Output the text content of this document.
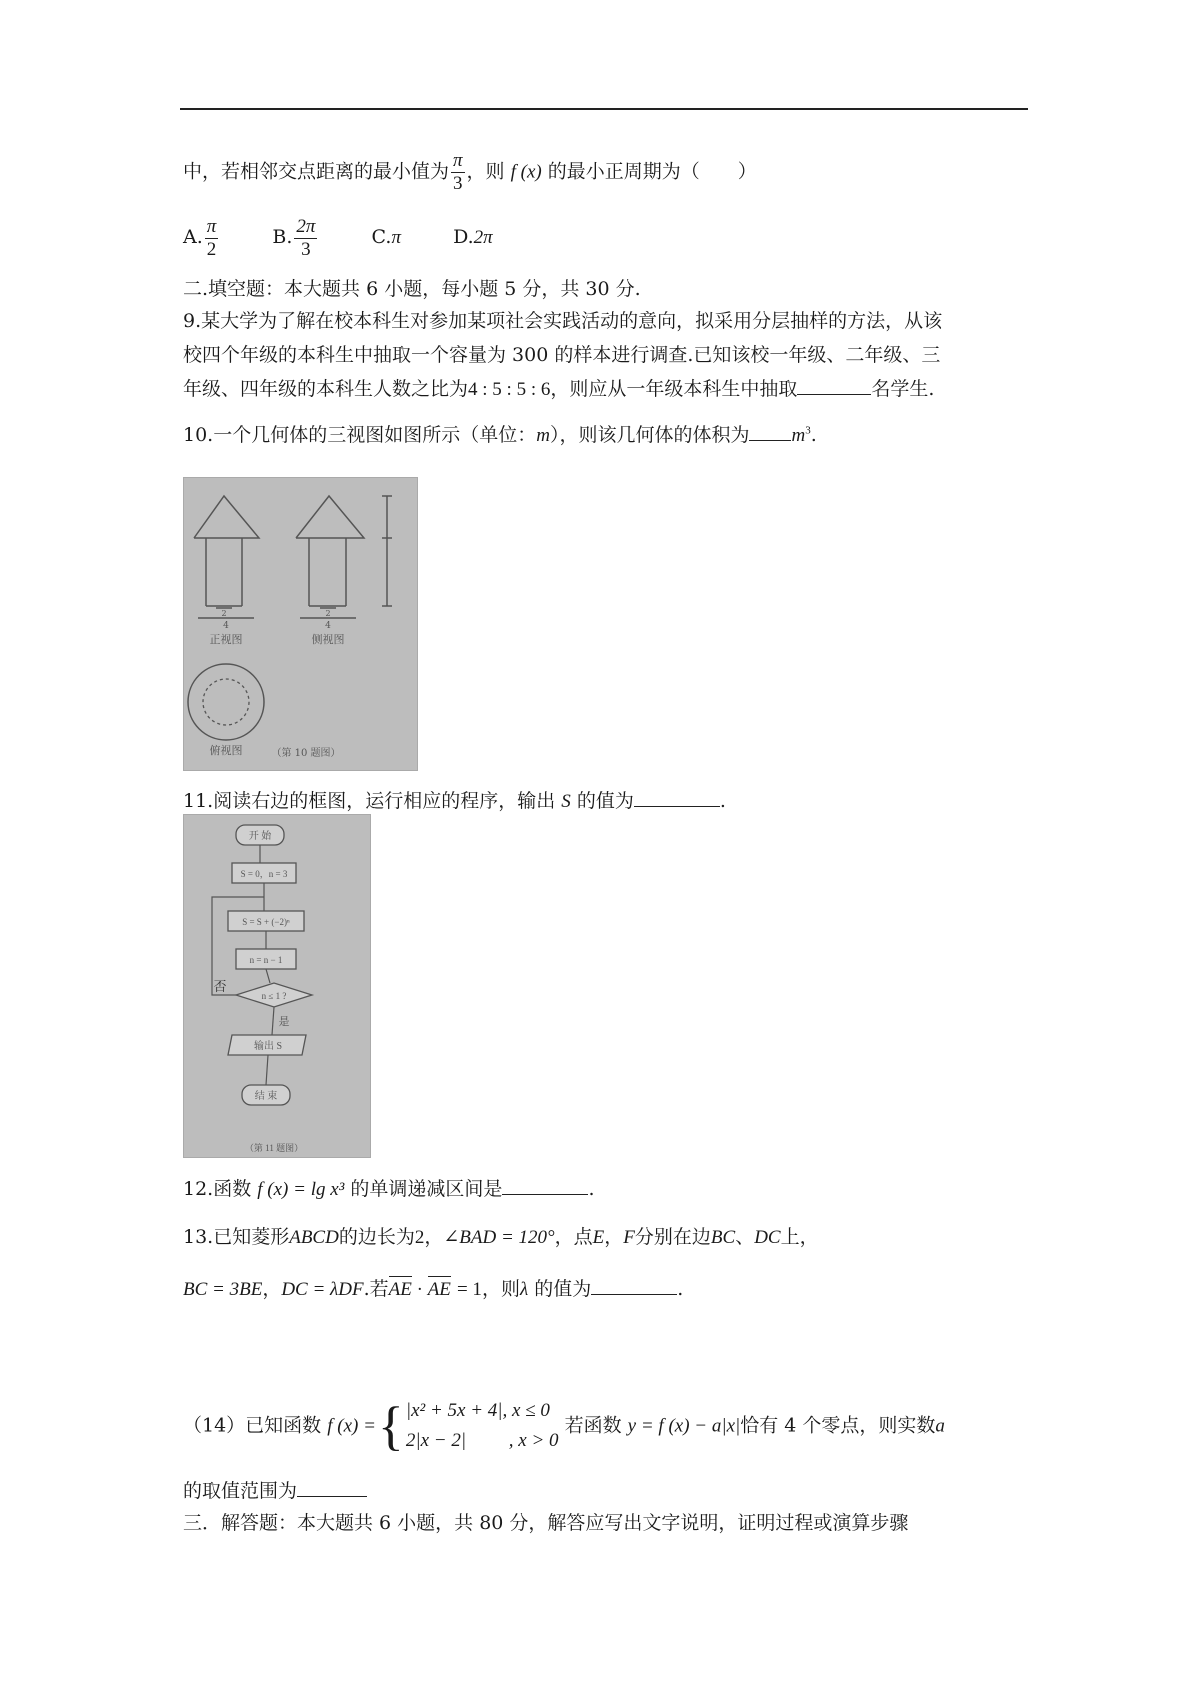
中，若相邻交点距离的最小值为 $\frac{\pi}{3}$ ，则 f (x) 的最小正周期为（　　）
A. $\frac{\pi}{2}$	B. $\frac{2\pi}{3}$	C.π	D.2π
二.填空题：本大题共 6 小题，每小题 5 分，共 30 分.
9.某大学为了解在校本科生对参加某项社会实践活动的意向，拟采用分层抽样的方法，从该
校四个年级的本科生中抽取一个容量为 300 的样本进行调查.已知该校一年级、二年级、三
年级、四年级的本科生人数之比为4 : 5 : 5 : 6，则应从一年级本科生中抽取	名学生.
10.一个几何体的三视图如图所示（单位：m），则该几何体的体积为 $m^3$.
4
2
4
2
正视图	侧视图
俯视图	（第 10 题图）
11.阅读右边的框图，运行相应的程序，输出 S 的值为	.
开 始
S = 0，n = 3
S = S + (−2)ⁿ
n = n − 1
n ≤ 1 ?
否
是
输出 S
结 束
（第 11 题图）
12.函数 f (x) = lg x³ 的单调递减区间是	.
13.已知菱形ABCD的边长为2，∠BAD = 120°，点E，F分别在边BC、DC上，
BC = 3BE，DC = λDF.若AE · AE = 1，则λ 的值为	.
（14）已知函数 f (x) ={ |x² + 5x + 4|, x ≤ 0
2|x − 2|　　 , x > 0
若函数 y = f (x) − a|x|恰有 4 个零点，则实数a
的取值范围为
三．解答题：本大题共 6 小题，共 80 分，解答应写出文字说明，证明过程或演算步骤
